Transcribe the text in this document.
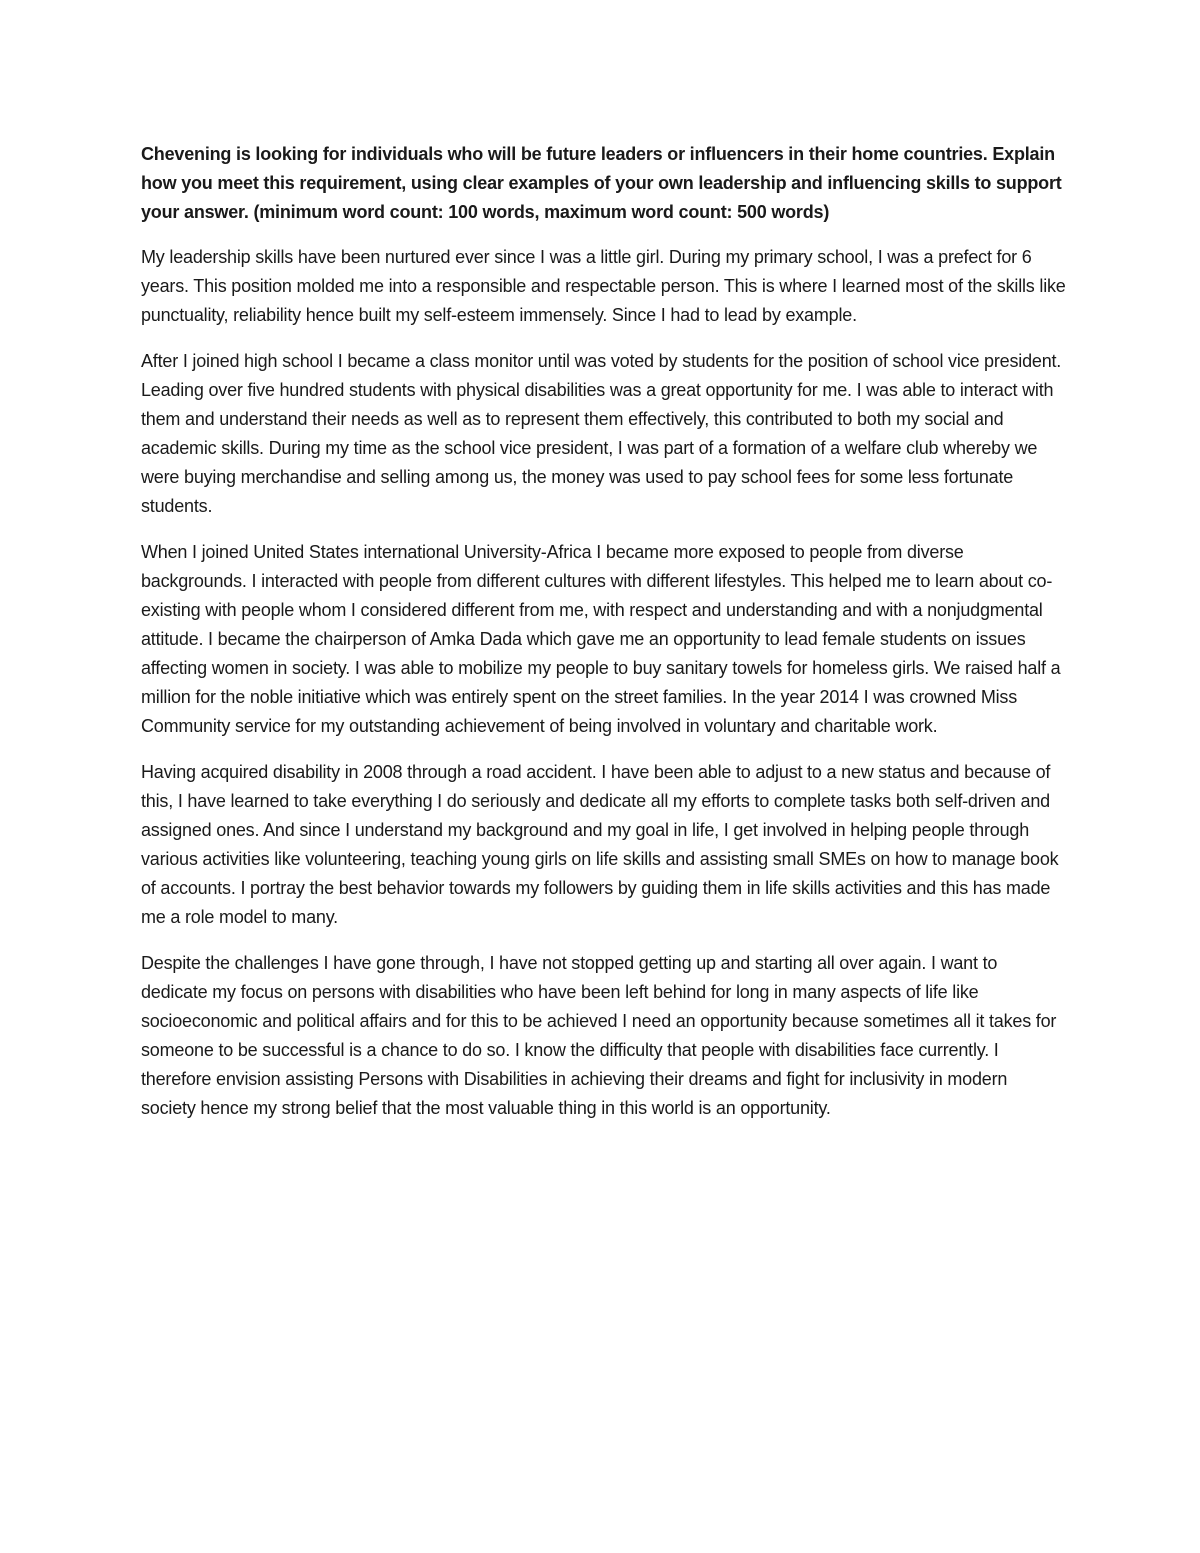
Chevening is looking for individuals who will be future leaders or influencers in their home countries. Explain how you meet this requirement, using clear examples of your own leadership and influencing skills to support your answer. (minimum word count: 100 words, maximum word count: 500 words)

My leadership skills have been nurtured ever since I was a little girl. During my primary school, I was a prefect for 6 years. This position molded me into a responsible and respectable person. This is where I learned most of the skills like punctuality, reliability hence built my self-esteem immensely. Since I had to lead by example.

After I joined high school I became a class monitor until was voted by students for the position of school vice president. Leading over five hundred students with physical disabilities was a great opportunity for me. I was able to interact with them and understand their needs as well as to represent them effectively, this contributed to both my social and academic skills. During my time as the school vice president, I was part of a formation of a welfare club whereby we were buying merchandise and selling among us, the money was used to pay school fees for some less fortunate students.

When I joined United States international University-Africa I became more exposed to people from diverse backgrounds. I interacted with people from different cultures with different lifestyles. This helped me to learn about co-existing with people whom I considered different from me, with respect and understanding and with a nonjudgmental attitude. I became the chairperson of Amka Dada which gave me an opportunity to lead female students on issues affecting women in society. I was able to mobilize my people to buy sanitary towels for homeless girls. We raised half a million for the noble initiative which was entirely spent on the street families. In the year 2014 I was crowned Miss Community service for my outstanding achievement of being involved in voluntary and charitable work.

Having acquired disability in 2008 through a road accident. I have been able to adjust to a new status and because of this, I have learned to take everything I do seriously and dedicate all my efforts to complete tasks both self-driven and assigned ones. And since I understand my background and my goal in life, I get involved in helping people through various activities like volunteering, teaching young girls on life skills and assisting small SMEs on how to manage book of accounts. I portray the best behavior towards my followers by guiding them in life skills activities and this has made me a role model to many.

Despite the challenges I have gone through, I have not stopped getting up and starting all over again. I want to dedicate my focus on persons with disabilities who have been left behind for long in many aspects of life like socioeconomic and political affairs and for this to be achieved I need an opportunity because sometimes all it takes for someone to be successful is a chance to do so. I know the difficulty that people with disabilities face currently. I therefore envision assisting Persons with Disabilities in achieving their dreams and fight for inclusivity in modern society hence my strong belief that the most valuable thing in this world is an opportunity.
